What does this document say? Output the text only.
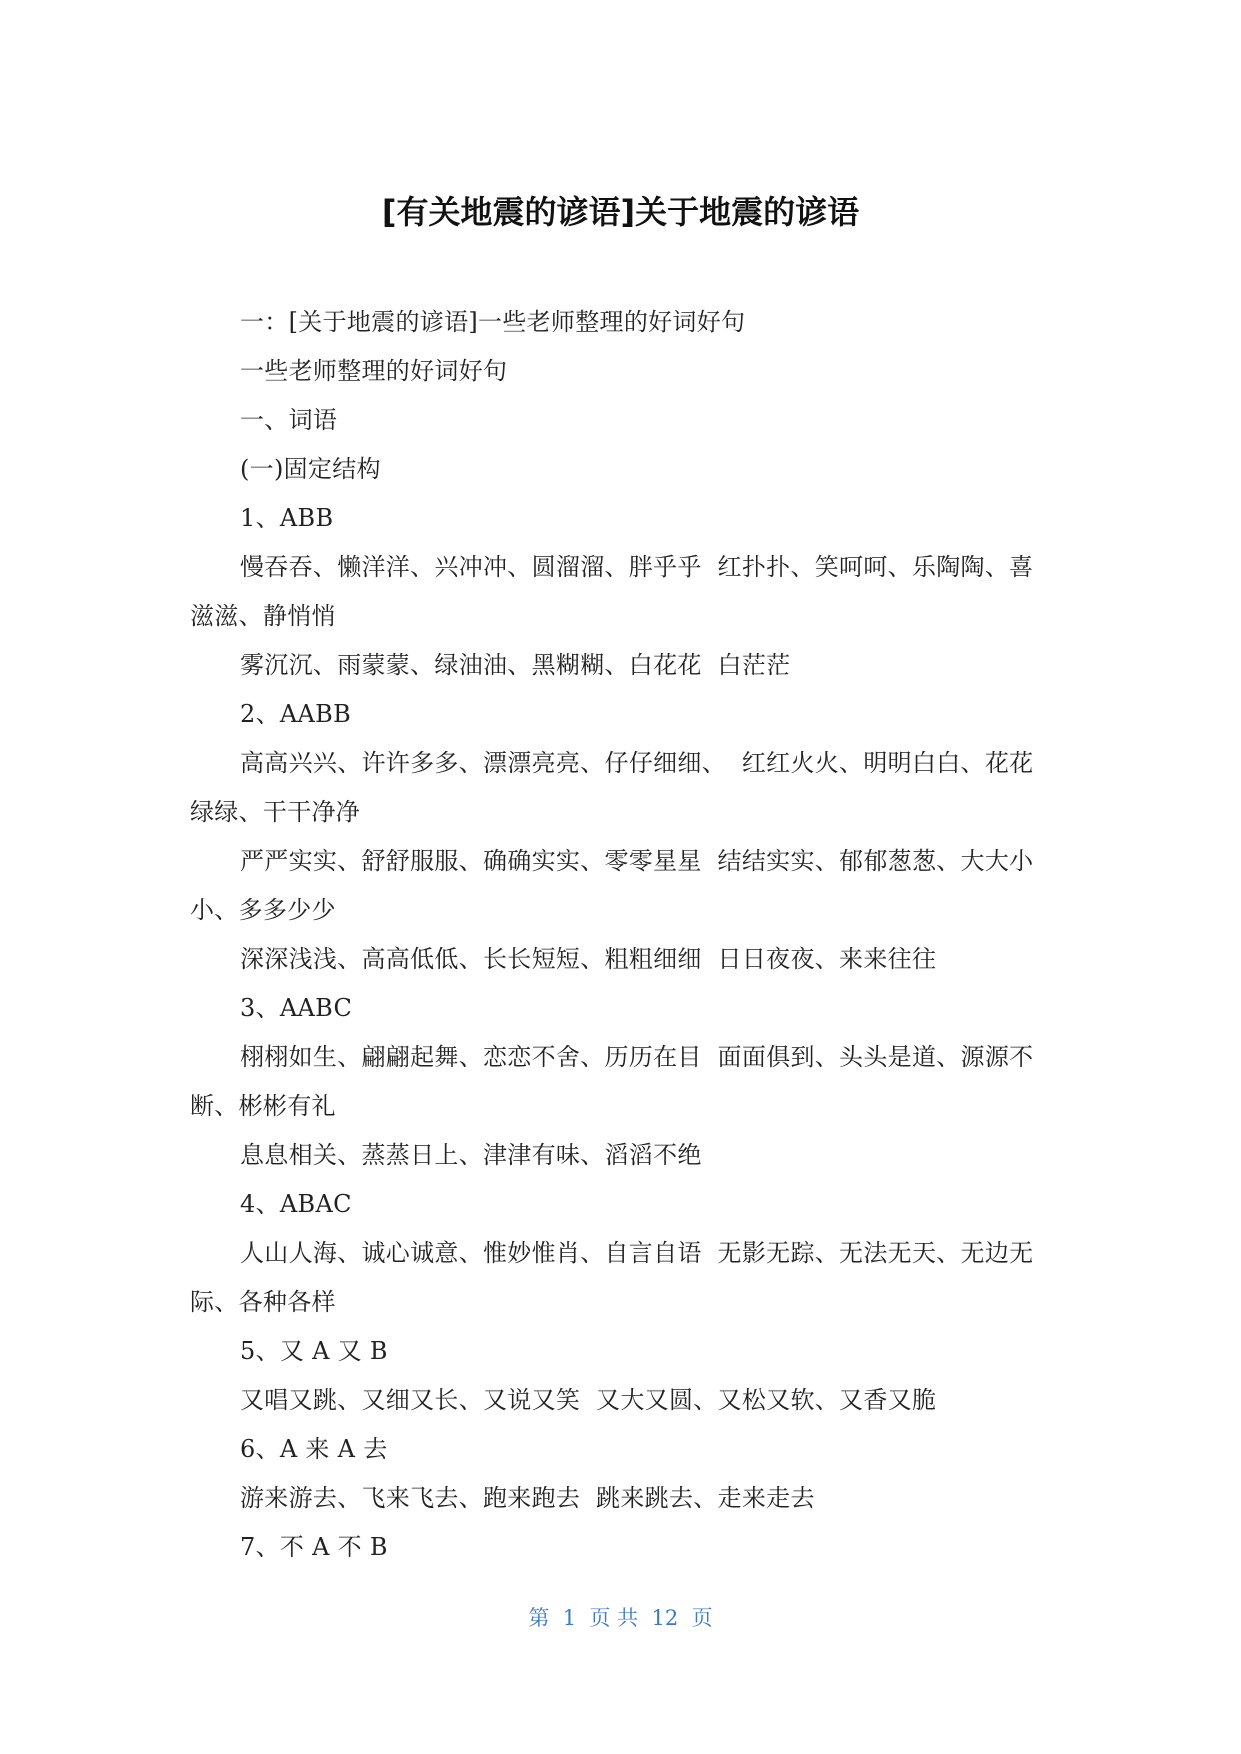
[有关地震的谚语]关于地震的谚语

一：[关于地震的谚语]一些老师整理的好词好句

一些老师整理的好词好句

一、词语

(一)固定结构

1、ABB

慢吞吞、懒洋洋、兴冲冲、圆溜溜、胖乎乎  红扑扑、笑呵呵、乐陶陶、喜滋滋、静悄悄

雾沉沉、雨蒙蒙、绿油油、黑糊糊、白花花  白茫茫

2、AABB

高高兴兴、许许多多、漂漂亮亮、仔仔细细、  红红火火、明明白白、花花绿绿、干干净净

严严实实、舒舒服服、确确实实、零零星星  结结实实、郁郁葱葱、大大小小、多多少少

深深浅浅、高高低低、长长短短、粗粗细细  日日夜夜、来来往往

3、AABC

栩栩如生、翩翩起舞、恋恋不舍、历历在目  面面俱到、头头是道、源源不断、彬彬有礼

息息相关、蒸蒸日上、津津有味、滔滔不绝

4、ABAC

人山人海、诚心诚意、惟妙惟肖、自言自语  无影无踪、无法无天、无边无际、各种各样

5、又 A 又 B

又唱又跳、又细又长、又说又笑  又大又圆、又松又软、又香又脆

6、A 来 A 去

游来游去、飞来飞去、跑来跑去  跳来跳去、走来走去

7、不 A 不 B

第  1  页 共  12  页
